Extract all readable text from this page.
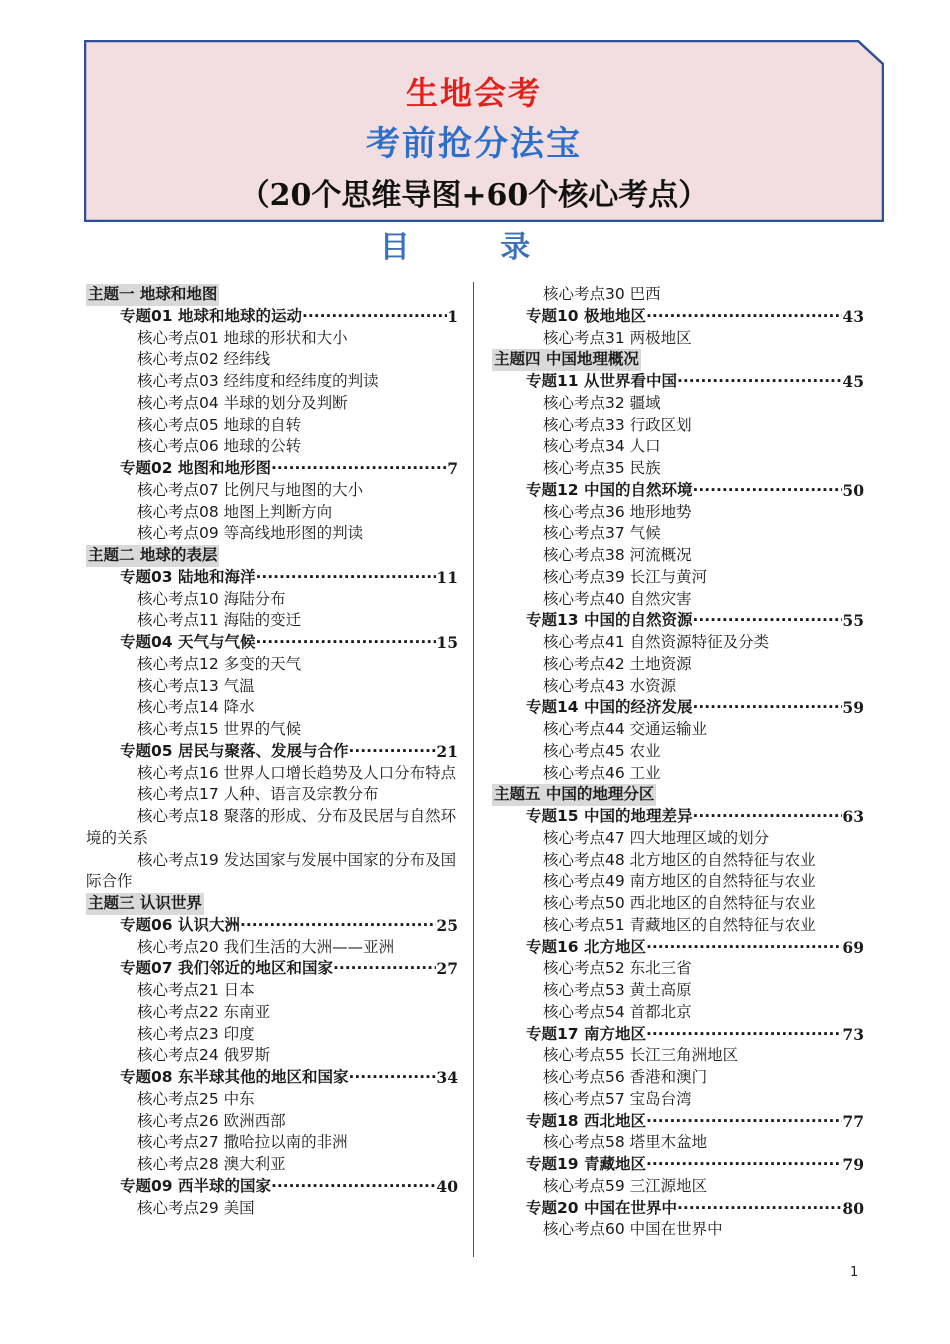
生地会考
考前抢分法宝
（20个思维导图+60个核心考点）
目 录
主题一 地球和地图
专题01 地球和地球的运动 ·····	1
核心考点01 地球的形状和大小
核心考点02 经纬线
核心考点03 经纬度和经纬度的判读
核心考点04 半球的划分及判断
核心考点05 地球的自转
核心考点06 地球的公转
专题02 地图和地形图 ·····	7
核心考点07 比例尺与地图的大小
核心考点08 地图上判断方向
核心考点09 等高线地形图的判读
主题二 地球的表层
专题03 陆地和海洋 ·····	11
核心考点10 海陆分布
核心考点11 海陆的变迁
专题04 天气与气候 ·····	15
核心考点12 多变的天气
核心考点13 气温
核心考点14 降水
核心考点15 世界的气候
专题05 居民与聚落、发展与合作 ·····	21
核心考点16 世界人口增长趋势及人口分布特点
核心考点17 人种、语言及宗教分布
核心考点18 聚落的形成、分布及民居与自然环境的关系
核心考点19 发达国家与发展中国家的分布及国际合作
主题三 认识世界
专题06 认识大洲 ·····	25
核心考点20 我们生活的大洲——亚洲
专题07 我们邻近的地区和国家 ·····	27
核心考点21 日本
核心考点22 东南亚
核心考点23 印度
核心考点24 俄罗斯
专题08 东半球其他的地区和国家 ·····	34
核心考点25 中东
核心考点26 欧洲西部
核心考点27 撒哈拉以南的非洲
核心考点28 澳大利亚
专题09 西半球的国家 ·····	40
核心考点29 美国
核心考点30 巴西
专题10 极地地区 ·····	43
核心考点31 两极地区
主题四 中国地理概况
专题11 从世界看中国 ·····	45
核心考点32 疆域
核心考点33 行政区划
核心考点34 人口
核心考点35 民族
专题12 中国的自然环境 ·····	50
核心考点36 地形地势
核心考点37 气候
核心考点38 河流概况
核心考点39 长江与黄河
核心考点40 自然灾害
专题13 中国的自然资源 ·····	55
核心考点41 自然资源特征及分类
核心考点42 土地资源
核心考点43 水资源
专题14 中国的经济发展 ·····	59
核心考点44 交通运输业
核心考点45 农业
核心考点46 工业
主题五 中国的地理分区
专题15 中国的地理差异 ·····	63
核心考点47 四大地理区域的划分
核心考点48 北方地区的自然特征与农业
核心考点49 南方地区的自然特征与农业
核心考点50 西北地区的自然特征与农业
核心考点51 青藏地区的自然特征与农业
专题16 北方地区 ·····	69
核心考点52 东北三省
核心考点53 黄土高原
核心考点54 首都北京
专题17 南方地区 ·····	73
核心考点55 长江三角洲地区
核心考点56 香港和澳门
核心考点57 宝岛台湾
专题18 西北地区 ·····	77
核心考点58 塔里木盆地
专题19 青藏地区 ·····	79
核心考点59 三江源地区
专题20 中国在世界中 ·····	80
核心考点60 中国在世界中
1
